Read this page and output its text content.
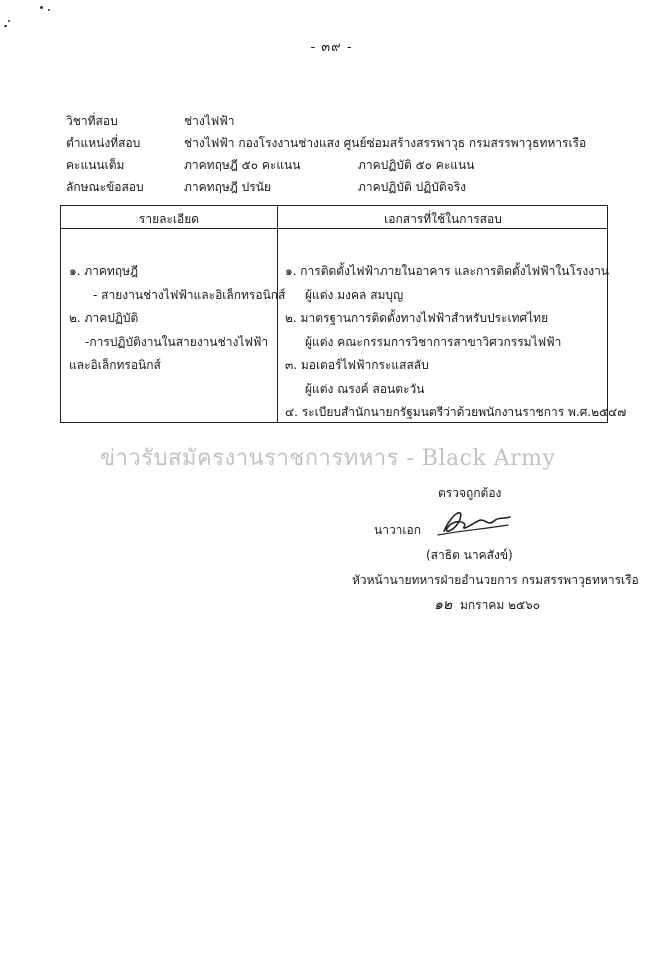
- ๓๙ -
วิชาที่สอบ	ช่างไฟฟ้า
ตำแหน่งที่สอบ	ช่างไฟฟ้า กองโรงงานช่างแสง ศูนย์ซ่อมสร้างสรรพาวุธ กรมสรรพาวุธทหารเรือ
คะแนนเต็ม	ภาคทฤษฎี ๕๐ คะแนน	ภาคปฏิบัติ ๕๐ คะแนน
ลักษณะข้อสอบ	ภาคทฤษฎี ปรนัย	ภาคปฏิบัติ ปฏิบัติจริง
รายละเอียด	เอกสารที่ใช้ในการสอบ
๑. ภาคทฤษฎี
- สายงานช่างไฟฟ้าและอิเล็กทรอนิกส์
๒. ภาคปฏิบัติ
-การปฏิบัติงานในสายงานช่างไฟฟ้า
และอิเล็กทรอนิกส์
๑. การติดตั้งไฟฟ้าภายในอาคาร และการติดตั้งไฟฟ้าในโรงงาน
ผู้แต่ง มงคล สมบุญ
๒. มาตรฐานการติดตั้งทางไฟฟ้าสำหรับประเทศไทย
ผู้แต่ง คณะกรรมการวิชาการสาขาวิศวกรรมไฟฟ้า
๓. มอเตอร์ไฟฟ้ากระแสสลับ
ผู้แต่ง ณรงค์ สอนตะวัน
๔. ระเบียบสำนักนายกรัฐมนตรีว่าด้วยพนักงานราชการ พ.ศ.๒๕๔๗
ข่าวรับสมัครงานราชการทหาร - Black Army
ตรวจถูกต้อง
นาวาเอก
(สาธิต นาคสังข์)
หัวหน้านายทหารฝ่ายอำนวยการ กรมสรรพาวุธทหารเรือ
๑๒ มกราคม ๒๕๖๐
